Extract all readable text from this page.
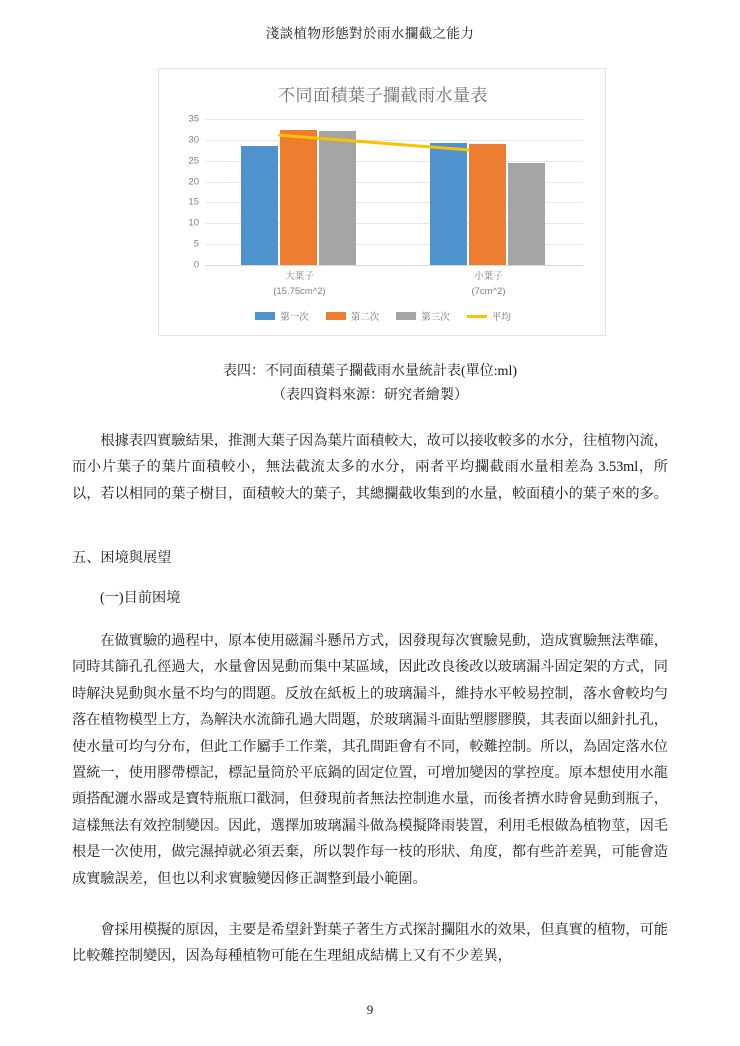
淺談植物形態對於雨水攔截之能力
不同面積葉子攔截雨水量表
0
5
10
15
20
25
30
35
大葉子
(15.75cm^2)
小葉子
(7cm^2)
第一次	第二次	第三次	平均
表四：不同面積葉子攔截雨水量統計表(單位:ml)
（表四資料來源：研究者繪製）
根據表四實驗結果，推測大葉子因為葉片面積較大，故可以接收較多的水分，往植物內流，而小片葉子的葉片面積較小，無法截流太多的水分，兩者平均攔截雨水量相差為 3.53ml，所以，若以相同的葉子樹目，面積較大的葉子，其總攔截收集到的水量，較面積小的葉子來的多。
五、困境與展望
(一)目前困境
在做實驗的過程中，原本使用磁漏斗懸吊方式，因發現每次實驗晃動，造成實驗無法準確，同時其篩孔孔徑過大，水量會因晃動而集中某區域，因此改良後改以玻璃漏斗固定架的方式，同時解決晃動與水量不均勻的問題。反放在紙板上的玻璃漏斗，維持水平較易控制，落水會較均勻落在植物模型上方，為解決水流篩孔過大問題，於玻璃漏斗面貼塑膠膠膜，其表面以細針扎孔，使水量可均勻分布，但此工作屬手工作業，其孔間距會有不同，較難控制。所以，為固定落水位置統一，使用膠帶標記，標記量筒於平底鍋的固定位置，可增加變因的掌控度。原本想使用水龍頭搭配灑水器或是寶特瓶瓶口戳洞，但發現前者無法控制進水量，而後者擠水時會晃動到瓶子，這樣無法有效控制變因。因此，選擇加玻璃漏斗做為模擬降雨裝置，利用毛根做為植物莖，因毛根是一次使用，做完濕掉就必須丟棄，所以製作每一枝的形狀、角度，都有些許差異，可能會造成實驗誤差，但也以利求實驗變因修正調整到最小範圍。
會採用模擬的原因，主要是希望針對葉子著生方式探討攔阻水的效果，但真實的植物，可能比較難控制變因，因為每種植物可能在生理組成結構上又有不少差異，
9
